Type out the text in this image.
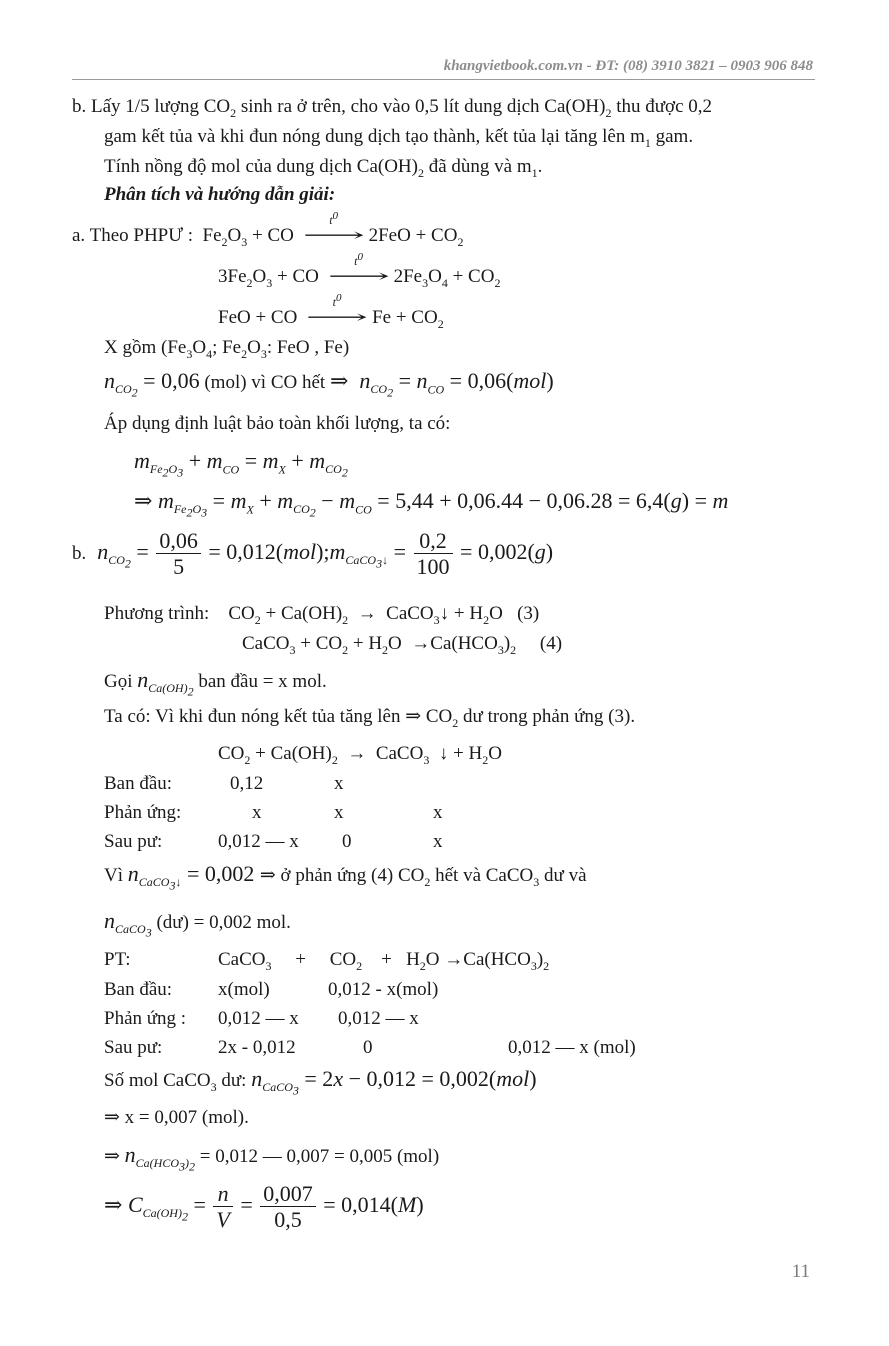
khangvietbook.com.vn - ĐT: (08) 3910 3821 – 0903 906 848
b. Lấy 1/5 lượng $CO_2$ sinh ra ở trên, cho vào 0,5 lít dung dịch $Ca(OH)_2$ thu được 0,2
gam kết tủa và khi đun nóng dung dịch tạo thành, kết tủa lại tăng lên $m_1$ gam.
Tính nồng độ mol của dung dịch $Ca(OH)_2$ đã dùng và $m_1$.
Phân tích và hướng dẫn giải:
a. Theo PHPƯ :  $Fe_2O_3$ + CO
$t^0$
⟶ $2FeO + CO_2$
$3Fe_2O_3$ + CO
$t^0$
⟶ $2Fe_3O_4 + CO_2$
FeO + CO
$t^0$
⟶ $Fe + CO_2$
X gồm ($Fe_3O_4$; $Fe_2O_3$: FeO , Fe)
$n_{CO_2} = 0,06$ (mol) vì CO hết ⇒  $n_{CO_2} = n_{CO} = 0,06(mol)$
Áp dụng định luật bảo toàn khối lượng, ta có:
$m_{Fe_2O_3} + m_{CO} = m_X + m_{CO_2}$
⇒ $m_{Fe_2O_3} = m_X + m_{CO_2} - m_{CO} = 5,44 + 0,06.44 - 0,06.28 = 6,4(g) = m$
b. $n_{CO_2} = \frac{0,06}{5}$ = $0,012(mol);m_{CaCO_3↓} = \frac{0,2}{100} = 0,002(g)$
Phương trình:    $CO_2 + Ca(OH)_2$  →  CaCO$_3$↓ + $H_2O$   (3)
CaCO$_3$ + $CO_2 + H_2O \to Ca(HCO_3)_2$ (4)
Gọi $n_{Ca(OH)_2}$ ban đầu = x mol.
Ta có: Vì khi đun nóng kết tủa tăng lên ⇒ $CO_2$ dư trong phản ứng (3).
$CO_2 + Ca(OH)_2$  →  CaCO$_3$  ↓ + $H_2O$
Ban đầu:	0,12	x
Phản ứng:	x	x	x
Sau pư:	0,012 — x 0	x
Vì $n_{CaCO_3↓} = 0,002$ ⇒ ở phản ứng (4) $CO_2$ hết và CaCO$_3$ dư và
$n_{CaCO_3}$ (dư) = 0,002 mol.
PT:	CaCO$_3$     +     $CO_2$    +   $H_2O \to Ca(HCO_3)_2$
Ban đầu: x(mol)	0,012 - x(mol)
Phản ứng : 0,012 — x 0,012 — x
Sau pư:	2x - 0,012	0	0,012 — x (mol)
Số mol CaCO$_3$ dư: $n_{CaCO_3} = 2x - 0,012 = 0,002(mol)$
⇒ x = 0,007 (mol).
⇒ $n_{Ca(HCO_3)_2} = 0,012$ — 0,007 = 0,005 (mol)
⇒ $C_{Ca(OH)_2} = \frac{n}{V} = \frac{0,007}{0,5} = 0,014(M)$
11
